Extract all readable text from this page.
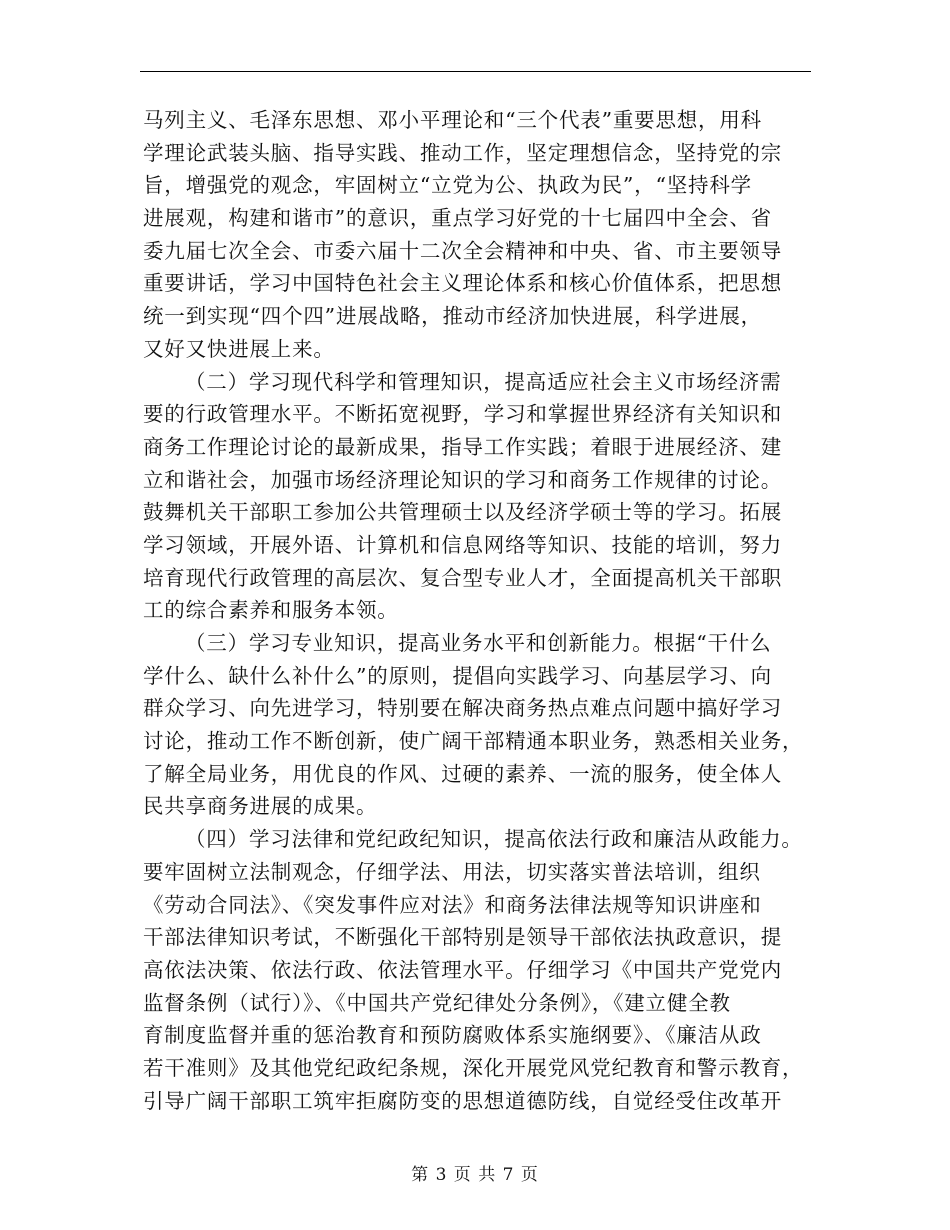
马列主义、毛泽东思想、邓小平理论和“三个代表”重要思想，用科
学理论武装头脑、指导实践、推动工作，坚定理想信念，坚持党的宗
旨，增强党的观念，牢固树立“立党为公、执政为民”，“坚持科学
进展观，构建和谐市”的意识，重点学习好党的十七届四中全会、省
委九届七次全会、市委六届十二次全会精神和中央、省、市主要领导
重要讲话，学习中国特色社会主义理论体系和核心价值体系，把思想
统一到实现“四个四”进展战略，推动市经济加快进展，科学进展，
又好又快进展上来。
（二）学习现代科学和管理知识，提高适应社会主义市场经济需
要的行政管理水平。不断拓宽视野，学习和掌握世界经济有关知识和
商务工作理论讨论的最新成果，指导工作实践；着眼于进展经济、建
立和谐社会，加强市场经济理论知识的学习和商务工作规律的讨论。
鼓舞机关干部职工参加公共管理硕士以及经济学硕士等的学习。拓展
学习领域，开展外语、计算机和信息网络等知识、技能的培训，努力
培育现代行政管理的高层次、复合型专业人才，全面提高机关干部职
工的综合素养和服务本领。
（三）学习专业知识，提高业务水平和创新能力。根据“干什么
学什么、缺什么补什么”的原则，提倡向实践学习、向基层学习、向
群众学习、向先进学习，特别要在解决商务热点难点问题中搞好学习
讨论，推动工作不断创新，使广阔干部精通本职业务，熟悉相关业务，
了解全局业务，用优良的作风、过硬的素养、一流的服务，使全体人
民共享商务进展的成果。
（四）学习法律和党纪政纪知识，提高依法行政和廉洁从政能力。
要牢固树立法制观念，仔细学法、用法，切实落实普法培训，组织
《劳动合同法》、《突发事件应对法》和商务法律法规等知识讲座和
干部法律知识考试，不断强化干部特别是领导干部依法执政意识，提
高依法决策、依法行政、依法管理水平。仔细学习《中国共产党党内
监督条例（试行）》、《中国共产党纪律处分条例》，《建立健全教
育制度监督并重的惩治教育和预防腐败体系实施纲要》、《廉洁从政
若干准则》及其他党纪政纪条规，深化开展党风党纪教育和警示教育，
引导广阔干部职工筑牢拒腐防变的思想道德防线，自觉经受住改革开
第 3 页 共 7 页
